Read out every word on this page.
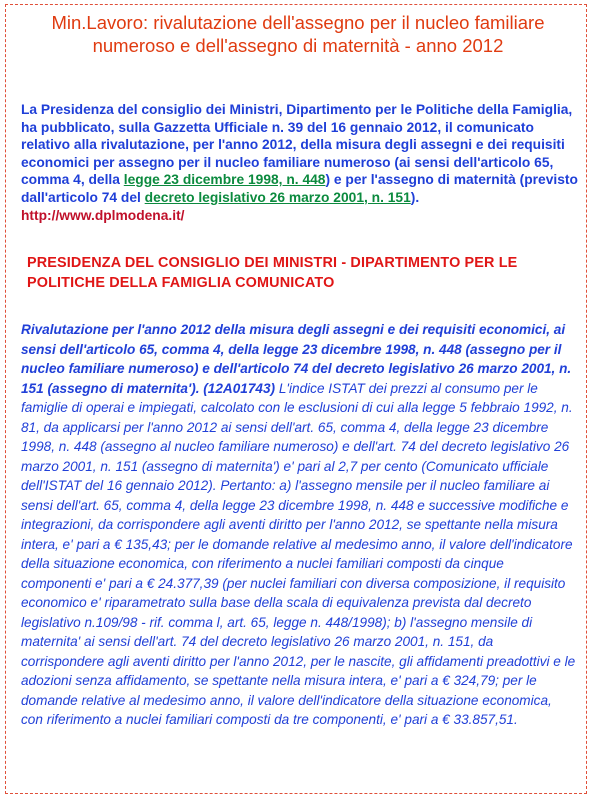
Min.Lavoro: rivalutazione dell'assegno per il nucleo familiare numeroso e dell'assegno di maternità - anno 2012
La Presidenza del consiglio dei Ministri, Dipartimento per le Politiche della Famiglia, ha pubblicato, sulla Gazzetta Ufficiale n. 39 del 16 gennaio 2012, il comunicato relativo alla rivalutazione, per l'anno 2012, della misura degli assegni e dei requisiti economici per assegno per il nucleo familiare numeroso (ai sensi dell'articolo 65, comma 4, della legge 23 dicembre 1998, n. 448) e per l'assegno di maternità (previsto dall'articolo 74 del decreto legislativo 26 marzo 2001, n. 151).
http://www.dplmodena.it/
PRESIDENZA DEL CONSIGLIO DEI MINISTRI - DIPARTIMENTO PER LE POLITICHE DELLA FAMIGLIA COMUNICATO
Rivalutazione per l'anno 2012 della misura degli assegni e dei requisiti economici, ai sensi dell'articolo 65, comma 4, della legge 23 dicembre 1998, n. 448 (assegno per il nucleo familiare numeroso) e dell'articolo 74 del decreto legislativo 26 marzo 2001, n. 151 (assegno di maternita'). (12A01743) L'indice ISTAT dei prezzi al consumo per le famiglie di operai e impiegati, calcolato con le esclusioni di cui alla legge 5 febbraio 1992, n. 81, da applicarsi per l'anno 2012 ai sensi dell'art. 65, comma 4, della legge 23 dicembre 1998, n. 448 (assegno al nucleo familiare numeroso) e dell'art. 74 del decreto legislativo 26 marzo 2001, n. 151 (assegno di maternita') e' pari al 2,7 per cento (Comunicato ufficiale dell'ISTAT del 16 gennaio 2012). Pertanto: a) l'assegno mensile per il nucleo familiare ai sensi dell'art. 65, comma 4, della legge 23 dicembre 1998, n. 448 e successive modifiche e integrazioni, da corrispondere agli aventi diritto per l'anno 2012, se spettante nella misura intera, e' pari a € 135,43; per le domande relative al medesimo anno, il valore dell'indicatore della situazione economica, con riferimento a nuclei familiari composti da cinque componenti e' pari a € 24.377,39 (per nuclei familiari con diversa composizione, il requisito economico e' riparametrato sulla base della scala di equivalenza prevista dal decreto legislativo n.109/98 - rif. comma l, art. 65, legge n. 448/1998); b) l'assegno mensile di maternita' ai sensi dell'art. 74 del decreto legislativo 26 marzo 2001, n. 151, da corrispondere agli aventi diritto per l'anno 2012, per le nascite, gli affidamenti preadottivi e le adozioni senza affidamento, se spettante nella misura intera, e' pari a € 324,79; per le domande relative al medesimo anno, il valore dell'indicatore della situazione economica, con riferimento a nuclei familiari composti da tre componenti, e' pari a € 33.857,51.
